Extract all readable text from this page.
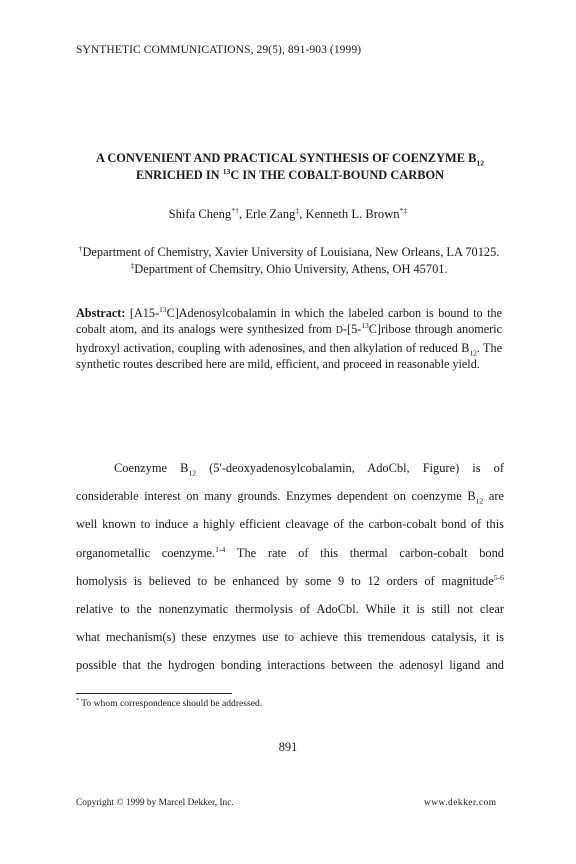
SYNTHETIC COMMUNICATIONS, 29(5), 891-903 (1999)
A CONVENIENT AND PRACTICAL SYNTHESIS OF COENZYME $B_{12}$
ENRICHED IN $^{13}$C IN THE COBALT-BOUND CARBON
Shifa Cheng*†, Erle Zang‡, Kenneth L. Brown*‡
†Department of Chemistry, Xavier University of Louisiana, New Orleans, LA 70125. ‡Department of Chemsitry, Ohio University, Athens, OH 45701.
Abstract: [A15-$^{13}$C]Adenosylcobalamin in which the labeled carbon is bound to the cobalt atom, and its analogs were synthesized from D-[5-$^{13}$C]ribose through anomeric hydroxyl activation, coupling with adenosines, and then alkylation of reduced $B_{12}$. The synthetic routes described here are mild, efficient, and proceed in reasonable yield.
Coenzyme $B_{12}$ (5'-deoxyadenosylcobalamin, AdoCbl, Figure) is of
considerable interest on many grounds. Enzymes dependent on coenzyme $B_{12}$ are
well known to induce a highly efficient cleavage of the carbon-cobalt bond of this
organometallic coenzyme.$^{1-4}$ The rate of this thermal carbon-cobalt bond
homolysis is believed to be enhanced by some 9 to 12 orders of magnitude$^{5-6}$
relative to the nonenzymatic thermolysis of AdoCbl. While it is still not clear
what mechanism(s) these enzymes use to achieve this tremendous catalysis, it is
* To whom correspondence should be addressed.
891
Copyright © 1999 by Marcel Dekker, Inc.	www.dekker.com
possible that the hydrogen bonding interactions between the adenosyl ligand and
